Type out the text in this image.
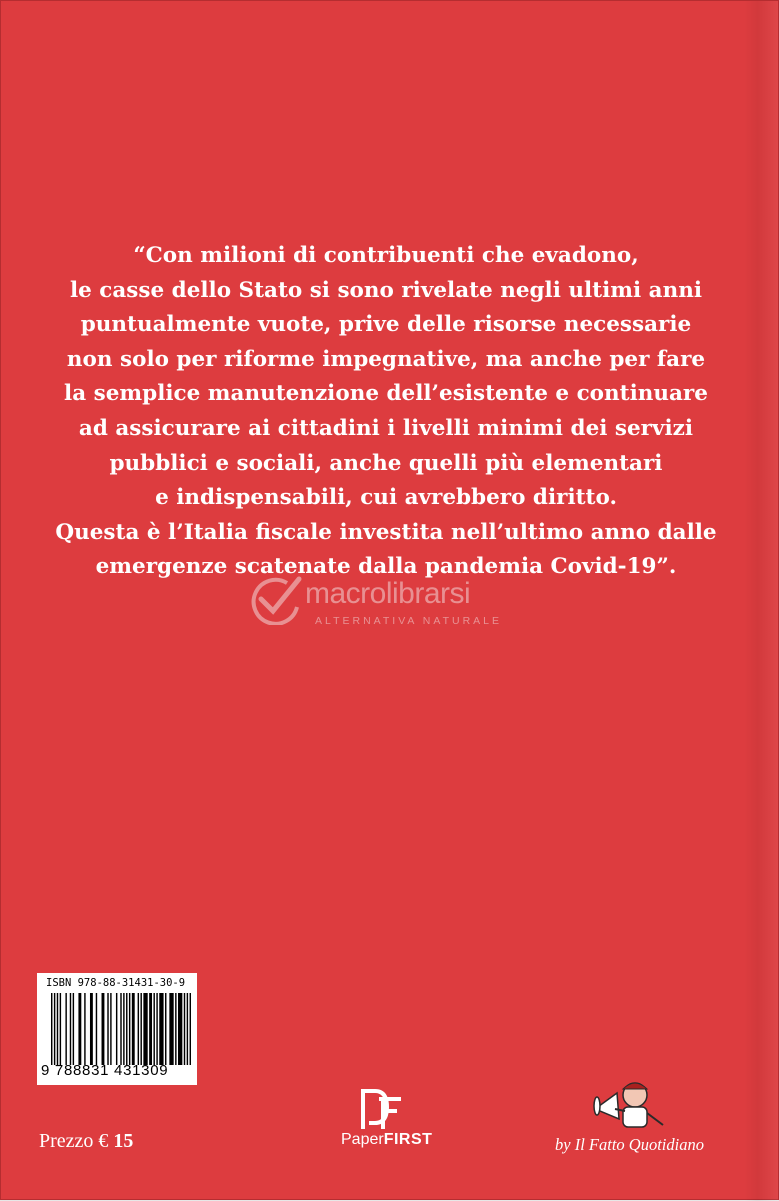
“Con milioni di contribuenti che evadono,
le casse dello Stato si sono rivelate negli ultimi anni
puntualmente vuote, prive delle risorse necessarie
non solo per riforme impegnative, ma anche per fare
la semplice manutenzione dell’esistente e continuare
ad assicurare ai cittadini i livelli minimi dei servizi
pubblici e sociali, anche quelli più elementari
e indispensabili, cui avrebbero diritto.
Questa è l’Italia fiscale investita nell’ultimo anno dalle
emergenze scatenate dalla pandemia Covid-19”.
macrolibrarsi
ALTERNATIVA NATURALE
ISBN 978-88-31431-30-9
9 788831 431309
Prezzo € 15	PaperFIRST	by Il Fatto Quotidiano
